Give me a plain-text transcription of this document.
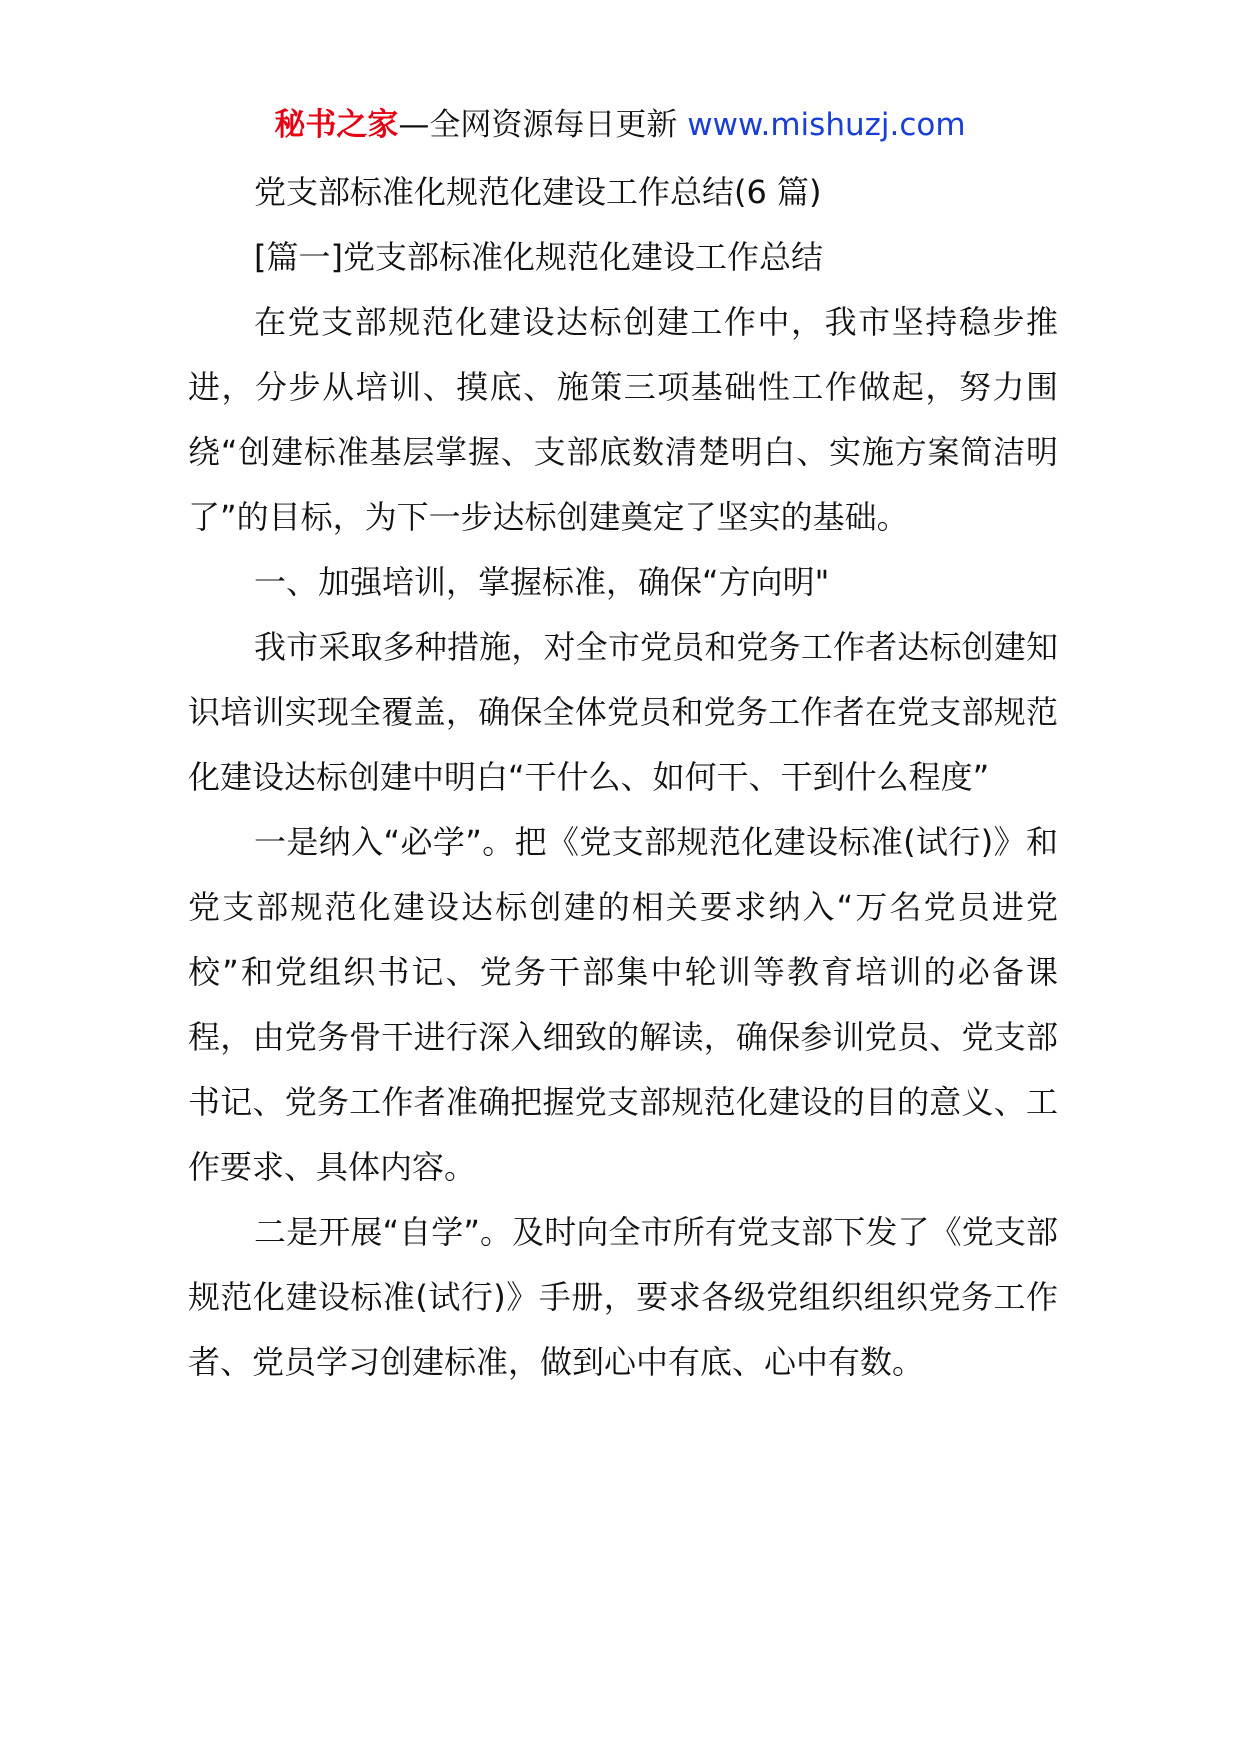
秘书之家—全网资源每日更新 www.mishuzj.com

党支部标准化规范化建设工作总结(6 篇)

[篇一]党支部标准化规范化建设工作总结

在党支部规范化建设达标创建工作中，我市坚持稳步推进，分步从培训、摸底、施策三项基础性工作做起，努力围绕“创建标准基层掌握、支部底数清楚明白、实施方案简洁明了”的目标，为下一步达标创建奠定了坚实的基础。

一、加强培训，掌握标准，确保“方向明"

我市采取多种措施，对全市党员和党务工作者达标创建知识培训实现全覆盖，确保全体党员和党务工作者在党支部规范化建设达标创建中明白“干什么、如何干、干到什么程度”

一是纳入“必学”。把《党支部规范化建设标准(试行)》和党支部规范化建设达标创建的相关要求纳入“万名党员进党校”和党组织书记、党务干部集中轮训等教育培训的必备课程，由党务骨干进行深入细致的解读，确保参训党员、党支部书记、党务工作者准确把握党支部规范化建设的目的意义、工作要求、具体内容。

二是开展“自学”。及时向全市所有党支部下发了《党支部规范化建设标准(试行)》手册，要求各级党组织组织党务工作者、党员学习创建标准，做到心中有底、心中有数。
